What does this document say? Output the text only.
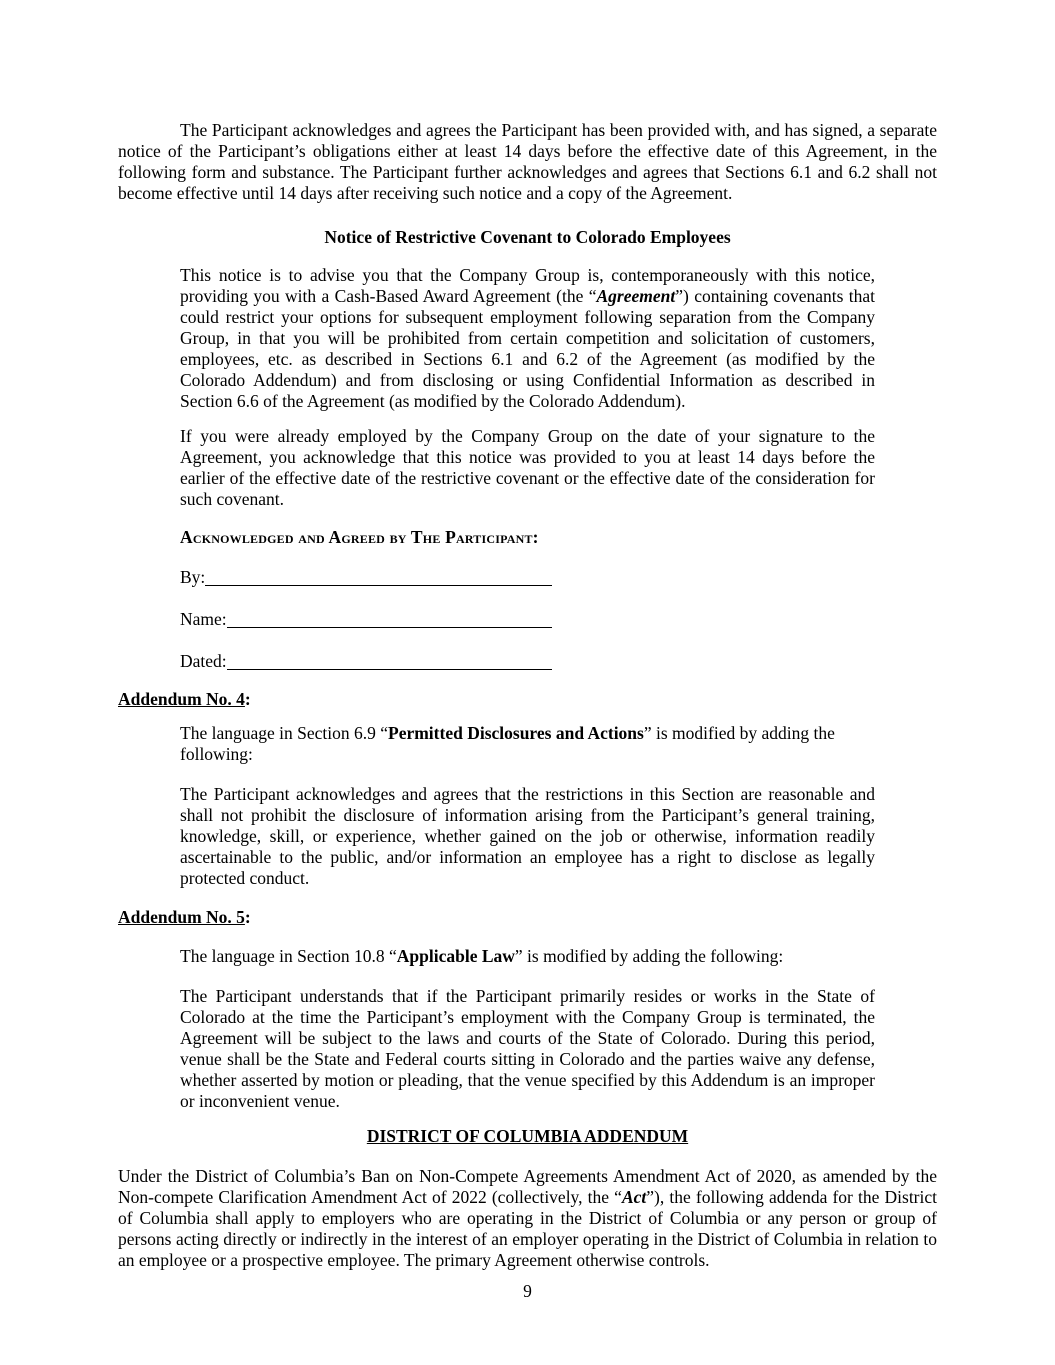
The Participant acknowledges and agrees the Participant has been provided with, and has signed, a separate notice of the Participant’s obligations either at least 14 days before the effective date of this Agreement, in the following form and substance. The Participant further acknowledges and agrees that Sections 6.1 and 6.2 shall not become effective until 14 days after receiving such notice and a copy of the Agreement.

Notice of Restrictive Covenant to Colorado Employees

This notice is to advise you that the Company Group is, contemporaneously with this notice, providing you with a Cash-Based Award Agreement (the “Agreement”) containing covenants that could restrict your options for subsequent employment following separation from the Company Group, in that you will be prohibited from certain competition and solicitation of customers, employees, etc. as described in Sections 6.1 and 6.2 of the Agreement (as modified by the Colorado Addendum) and from disclosing or using Confidential Information as described in Section 6.6 of the Agreement (as modified by the Colorado Addendum).

If you were already employed by the Company Group on the date of your signature to the Agreement, you acknowledge that this notice was provided to you at least 14 days before the earlier of the effective date of the restrictive covenant or the effective date of the consideration for such covenant.

Acknowledged and Agreed by The Participant:

By:
Name:
Dated:

Addendum No. 4:

The language in Section 6.9 “Permitted Disclosures and Actions” is modified by adding the following:

The Participant acknowledges and agrees that the restrictions in this Section are reasonable and shall not prohibit the disclosure of information arising from the Participant’s general training, knowledge, skill, or experience, whether gained on the job or otherwise, information readily ascertainable to the public, and/or information an employee has a right to disclose as legally protected conduct.

Addendum No. 5:

The language in Section 10.8 “Applicable Law” is modified by adding the following:

The Participant understands that if the Participant primarily resides or works in the State of Colorado at the time the Participant’s employment with the Company Group is terminated, the Agreement will be subject to the laws and courts of the State of Colorado. During this period, venue shall be the State and Federal courts sitting in Colorado and the parties waive any defense, whether asserted by motion or pleading, that the venue specified by this Addendum is an improper or inconvenient venue.

DISTRICT OF COLUMBIA ADDENDUM

Under the District of Columbia’s Ban on Non-Compete Agreements Amendment Act of 2020, as amended by the Non-compete Clarification Amendment Act of 2022 (collectively, the “Act”), the following addenda for the District of Columbia shall apply to employers who are operating in the District of Columbia or any person or group of persons acting directly or indirectly in the interest of an employer operating in the District of Columbia in relation to an employee or a prospective employee. The primary Agreement otherwise controls.

9
